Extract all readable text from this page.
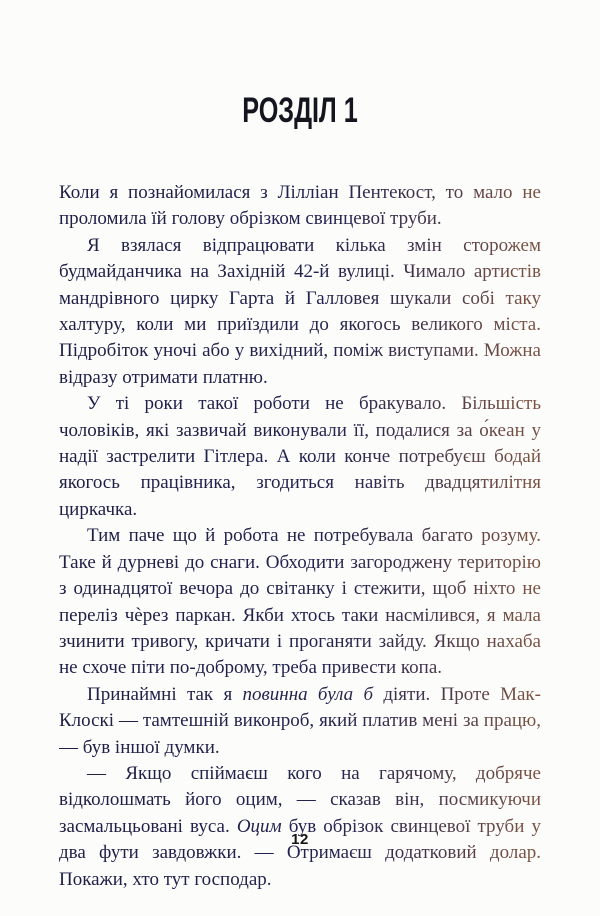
РОЗДІЛ 1

Коли я познайомилася з Лілліан Пентекост, то мало не проломила їй голову обрізком свинцевої труби.

Я взялася відпрацювати кілька змін сторожем будмайданчика на Західній 42-й вулиці. Чимало артистів мандрівного цирку Гарта й Галловея шукали собі таку халтуру, коли ми приїздили до якогось великого міста. Підробіток уночі або у вихідний, поміж виступами. Можна відразу отримати платню.

У ті роки такої роботи не бракувало. Більшість чоловіків, які зазвичай виконували її, подалися за о́кеан у надії застрелити Гітлера. А коли конче потребуєш бодай якогось працівника, згодиться навіть двадцятилітня циркачка.

Тим паче що й робота не потребувала багато розуму. Таке й дурневі до снаги. Обходити загороджену територію з одинадцятої вечора до світанку і стежити, щоб ніхто не переліз чѐрез паркан. Якби хтось таки насмілився, я мала зчинити тривогу, кричати і проганяти зайду. Якщо нахаба не схоче піти по-доброму, треба привести копа.

Принаймні так я повинна була б діяти. Проте Мак-Клоскі — тамтешній виконроб, який платив мені за працю, — був іншої думки.

— Якщо спіймаєш кого на гарячому, добряче відколошмать його оцим, — сказав він, посмикуючи засмальцьовані вуса. Оцим був обрізок свинцевої труби у два фути завдовжки. — Отримаєш додатковий долар. Покажи, хто тут господар.

12
